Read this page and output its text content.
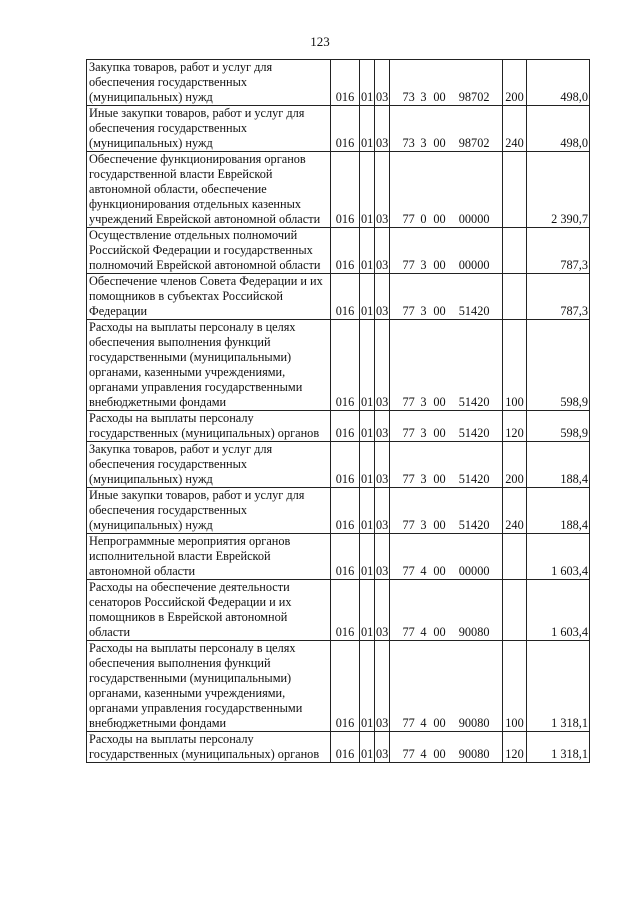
123
Закупка товаров, работ и услуг для обеспечения государственных (муниципальных) нужд	016	01	03	73 3 00 98702	200	498,0
Иные закупки товаров, работ и услуг для обеспечения государственных (муниципальных) нужд	016	01	03	73 3 00 98702	240	498,0
Обеспечение функционирования органов государственной власти Еврейской автономной области, обеспечение функционирования отдельных казенных учреждений Еврейской автономной области	016	01	03	77 0 00 00000		2 390,7
Осуществление отдельных полномочий Российской Федерации и государственных полномочий Еврейской автономной области	016	01	03	77 3 00 00000		787,3
Обеспечение членов Совета Федерации и их помощников в субъектах Российской Федерации	016	01	03	77 3 00 51420		787,3
Расходы на выплаты персоналу в целях обеспечения выполнения функций государственными (муниципальными) органами, казенными учреждениями, органами управления государственными внебюджетными фондами	016	01	03	77 3 00 51420	100	598,9
Расходы на выплаты персоналу государственных (муниципальных) органов	016	01	03	77 3 00 51420	120	598,9
Закупка товаров, работ и услуг для обеспечения государственных (муниципальных) нужд	016	01	03	77 3 00 51420	200	188,4
Иные закупки товаров, работ и услуг для обеспечения государственных (муниципальных) нужд	016	01	03	77 3 00 51420	240	188,4
Непрограммные мероприятия органов исполнительной власти Еврейской автономной области	016	01	03	77 4 00 00000		1 603,4
Расходы на обеспечение деятельности сенаторов Российской Федерации и их помощников в Еврейской автономной области	016	01	03	77 4 00 90080		1 603,4
Расходы на выплаты персоналу в целях обеспечения выполнения функций государственными (муниципальными) органами, казенными учреждениями, органами управления государственными внебюджетными фондами	016	01	03	77 4 00 90080	100	1 318,1
Расходы на выплаты персоналу государственных (муниципальных) органов	016	01	03	77 4 00 90080	120	1 318,1
